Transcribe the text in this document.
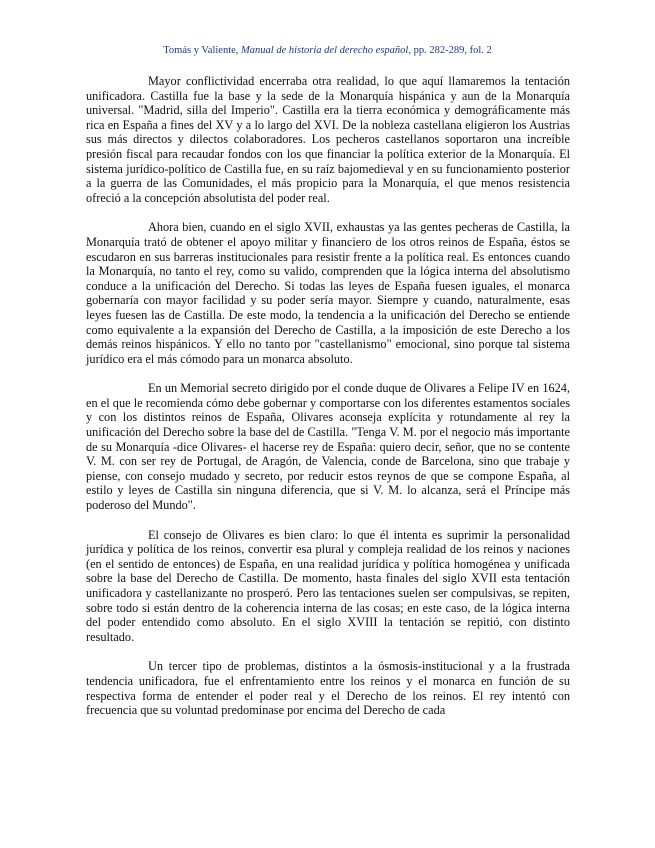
Tomás y Valiente, Manual de historia del derecho español, pp. 282-289, fol. 2

Mayor conflictividad encerraba otra realidad, lo que aquí llamaremos la tentación unificadora. Castilla fue la base y la sede de la Monarquía hispánica y aun de la Monarquía universal. "Madrid, silla del Imperio". Castilla era la tierra económica y demográficamente más rica en España a fines del XV y a lo largo del XVI. De la nobleza castellana eligieron los Austrias sus más directos y dilectos colaboradores. Los pecheros castellanos soportaron una increíble presión fiscal para recaudar fondos con los que financiar la política exterior de la Monarquía. El sistema jurídico-político de Castilla fue, en su raíz bajomedieval y en su funcionamiento posterior a la guerra de las Comunidades, el más propicio para la Monarquía, el que menos resistencia ofreció a la concepción absolutista del poder real.

Ahora bien, cuando en el siglo XVII, exhaustas ya las gentes pecheras de Castilla, la Monarquía trató de obtener el apoyo militar y financiero de los otros reinos de España, éstos se escudaron en sus barreras institucionales para resistir frente a la política real. Es entonces cuando la Monarquía, no tanto el rey, como su valido, comprenden que la lógica interna del absolutismo conduce a la unificación del Derecho. Si todas las leyes de España fuesen iguales, el monarca gobernaría con mayor facilidad y su poder sería mayor. Siempre y cuando, naturalmente, esas leyes fuesen las de Castilla. De este modo, la tendencia a la unificación del Derecho se entiende como equivalente a la expansión del Derecho de Castilla, a la imposición de este Derecho a los demás reinos hispánicos. Y ello no tanto por "castellanismo" emocional, sino porque tal sistema jurídico era el más cómodo para un monarca absoluto.

En un Memorial secreto dirigido por el conde duque de Olivares a Felipe IV en 1624, en el que le recomienda cómo debe gobernar y comportarse con los diferentes estamentos sociales y con los distintos reinos de España, Olivares aconseja explícita y rotundamente al rey la unificación del Derecho sobre la base del de Castilla. "Tenga V. M. por el negocio más importante de su Monarquía -dice Olivares- el hacerse rey de España: quiero decir, señor, que no se contente V. M. con ser rey de Portugal, de Aragón, de Valencia, conde de Barcelona, sino que trabaje y piense, con consejo mudado y secreto, por reducir estos reynos de que se compone España, al estilo y leyes de Castilla sin ninguna diferencia, que si V. M. lo alcanza, será el Príncipe más poderoso del Mundo".

El consejo de Olivares es bien claro: lo que él intenta es suprimir la personalidad jurídica y política de los reinos, convertir esa plural y compleja realidad de los reinos y naciones (en el sentido de entonces) de España, en una realidad jurídica y política homogénea y unificada sobre la base del Derecho de Castilla. De momento, hasta finales del siglo XVII esta tentación unificadora y castellanizante no prosperó. Pero las tentaciones suelen ser compulsivas, se repiten, sobre todo si están dentro de la coherencia interna de las cosas; en este caso, de la lógica interna del poder entendido como absoluto. En el siglo XVIII la tentación se repitió, con distinto resultado.

Un tercer tipo de problemas, distintos a la ósmosis-institucional y a la frustrada tendencia unificadora, fue el enfrentamiento entre los reinos y el monarca en función de su respectiva forma de entender el poder real y el Derecho de los reinos. El rey intentó con frecuencia que su voluntad predominase por encima del Derecho de cada
